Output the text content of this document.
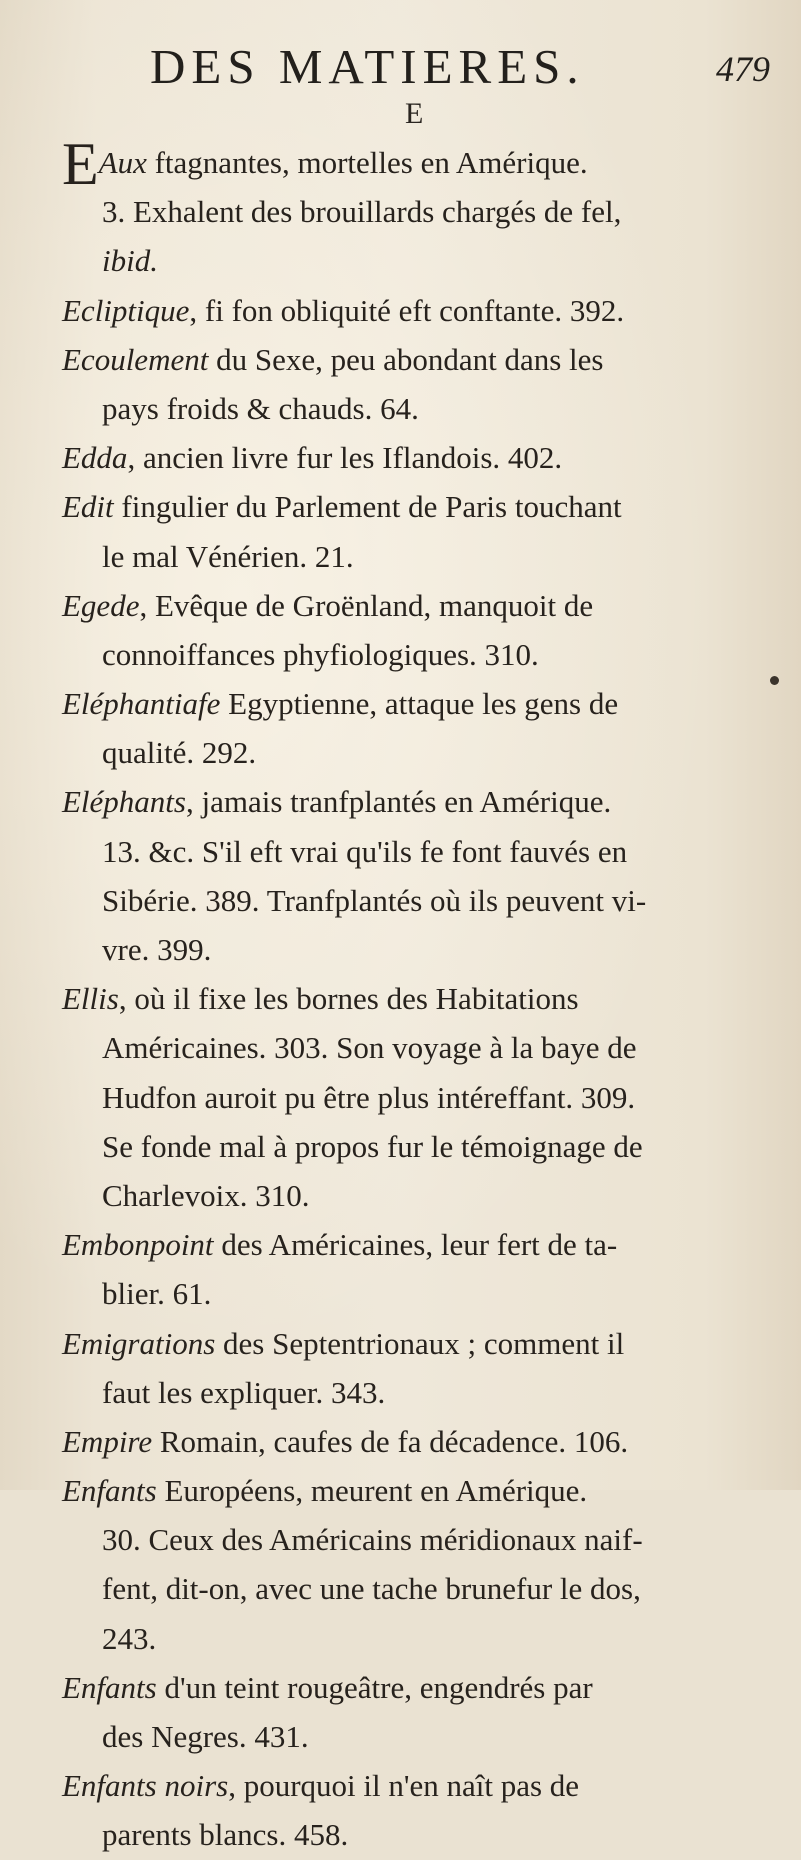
DES MATIERES.	479
E
EAux ftagnantes, mortelles en Amérique.
3. Exhalent des brouillards chargés de fel,
ibid.
Ecliptique, fi fon obliquité eft conftante. 392.
Ecoulement du Sexe, peu abondant dans les
pays froids & chauds. 64.
Edda, ancien livre fur les Iflandois. 402.
Edit fingulier du Parlement de Paris touchant
le mal Vénérien. 21.
Egede, Evêque de Groënland, manquoit de
connoiffances phyfiologiques. 310.
Eléphantiafe Egyptienne, attaque les gens de
qualité. 292.
Eléphants, jamais tranfplantés en Amérique.
13. &c. S'il eft vrai qu'ils fe font fauvés en
Sibérie. 389. Tranfplantés où ils peuvent vi-
vre. 399.
Ellis, où il fixe les bornes des Habitations
Américaines. 303. Son voyage à la baye de
Hudfon auroit pu être plus intéreffant. 309.
Se fonde mal à propos fur le témoignage de
Charlevoix. 310.
Embonpoint des Américaines, leur fert de ta-
blier. 61.
Emigrations des Septentrionaux ; comment il
faut les expliquer. 343.
Empire Romain, caufes de fa décadence. 106.
Enfants Européens, meurent en Amérique.
30. Ceux des Américains méridionaux naif-
fent, dit-on, avec une tache brunefur le dos,
243.
Enfants d'un teint rougeâtre, engendrés par
des Negres. 431.
Enfants noirs, pourquoi il n'en naît pas de
parents blancs. 458.
